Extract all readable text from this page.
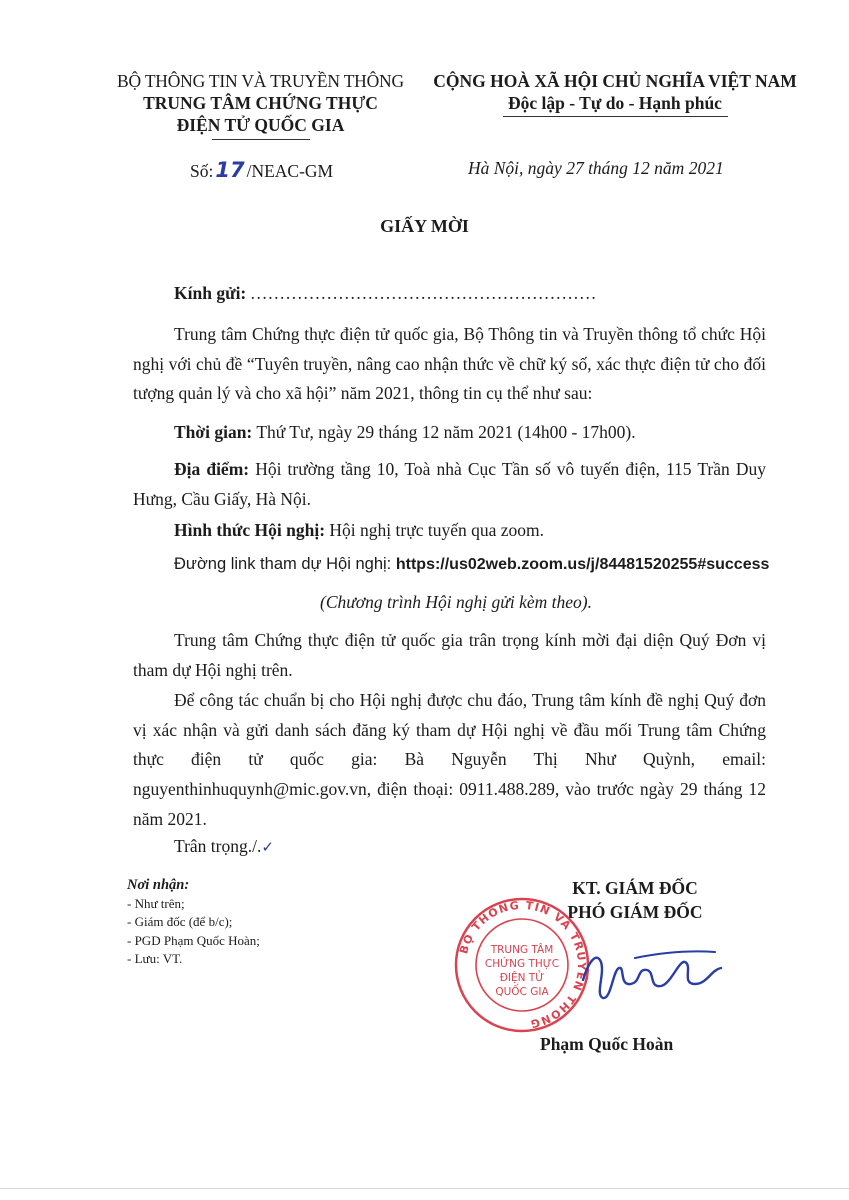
BỘ THÔNG TIN VÀ TRUYỀN THÔNG
TRUNG TÂM CHỨNG THỰC
ĐIỆN TỬ QUỐC GIA
CỘNG HOÀ XÃ HỘI CHỦ NGHĨA VIỆT NAM
Độc lập - Tự do - Hạnh phúc
Số:17 /NEAC-GM	Hà Nội, ngày 27 tháng 12 năm 2021
GIẤY MỜI
Kính gửi: ...........................................................
Trung tâm Chứng thực điện tử quốc gia, Bộ Thông tin và Truyền thông tổ chức Hội nghị với chủ đề “Tuyên truyền, nâng cao nhận thức về chữ ký số, xác thực điện tử cho đối tượng quản lý và cho xã hội” năm 2021, thông tin cụ thể như sau:
Thời gian: Thứ Tư, ngày 29 tháng 12 năm 2021 (14h00 - 17h00).
Địa điểm: Hội trường tầng 10, Toà nhà Cục Tần số vô tuyến điện, 115 Trần Duy Hưng, Cầu Giấy, Hà Nội.
Hình thức Hội nghị: Hội nghị trực tuyến qua zoom.
Đường link tham dự Hội nghị: https://us02web.zoom.us/j/84481520255#success
(Chương trình Hội nghị gửi kèm theo).
Trung tâm Chứng thực điện tử quốc gia trân trọng kính mời đại diện Quý Đơn vị tham dự Hội nghị trên.
Để công tác chuẩn bị cho Hội nghị được chu đáo, Trung tâm kính đề nghị Quý đơn vị xác nhận và gửi danh sách đăng ký tham dự Hội nghị về đầu mối Trung tâm Chứng thực điện tử quốc gia: Bà Nguyễn Thị Như Quỳnh, email: nguyenthinhuquynh@mic.gov.vn, điện thoại: 0911.488.289, vào trước ngày 29 tháng 12 năm 2021.
Trân trọng./.✓
Nơi nhận:
- Như trên;
- Giám đốc (để b/c);
- PGD Phạm Quốc Hoàn;
- Lưu: VT.
KT. GIÁM ĐỐC
PHÓ GIÁM ĐỐC
BỘ THÔNG TIN VÀ TRUYỀN THÔNG
TRUNG TÂM
CHỨNG THỰC
ĐIỆN TỬ
QUỐC GIA
Phạm Quốc Hoàn
